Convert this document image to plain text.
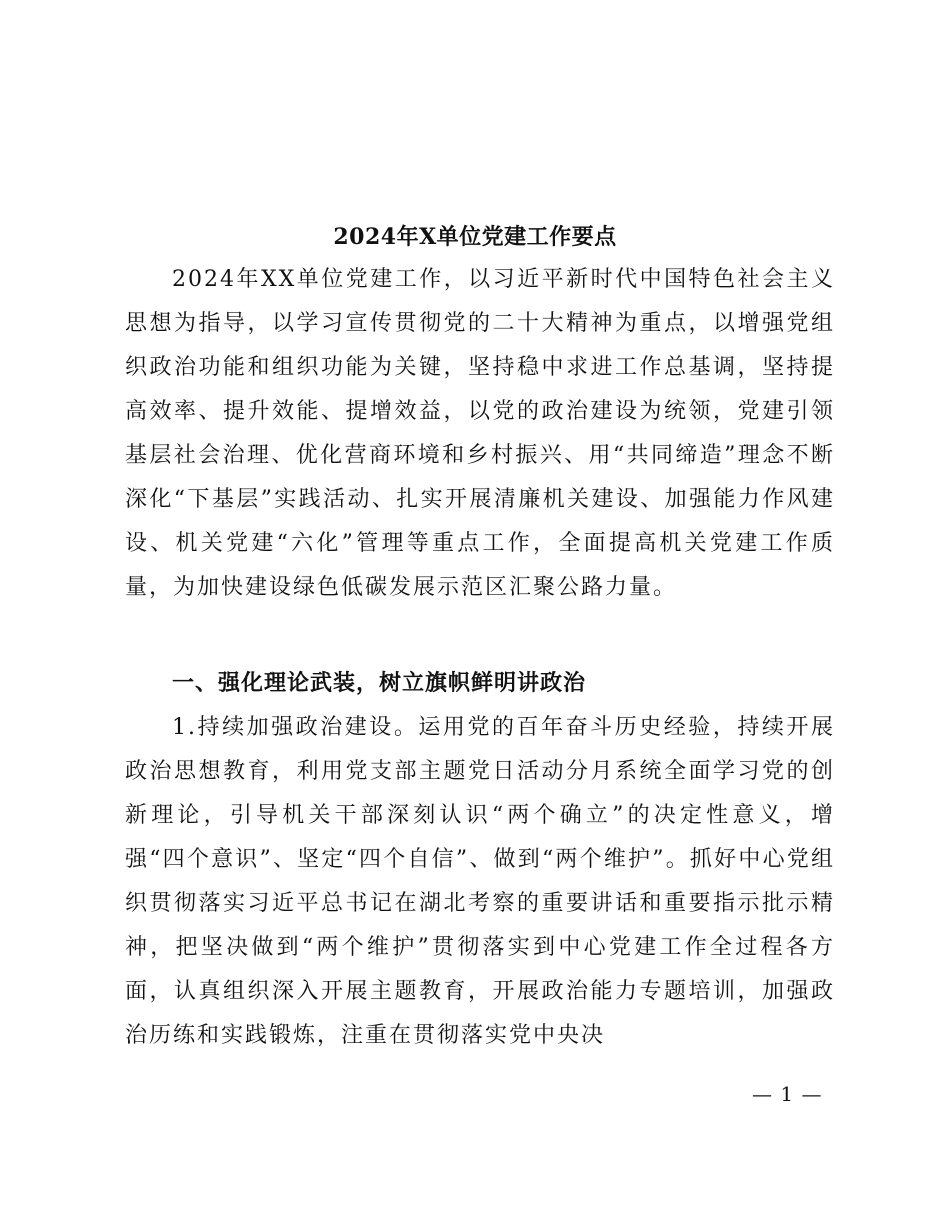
2024年X单位党建工作要点

2024年XX单位党建工作，以习近平新时代中国特色社会主义思想为指导，以学习宣传贯彻党的二十大精神为重点，以增强党组织政治功能和组织功能为关键，坚持稳中求进工作总基调，坚持提高效率、提升效能、提增效益，以党的政治建设为统领，党建引领基层社会治理、优化营商环境和乡村振兴、用“共同缔造”理念不断深化“下基层”实践活动、扎实开展清廉机关建设、加强能力作风建设、机关党建“六化”管理等重点工作，全面提高机关党建工作质量，为加快建设绿色低碳发展示范区汇聚公路力量。

一、强化理论武装，树立旗帜鲜明讲政治

1.持续加强政治建设。运用党的百年奋斗历史经验，持续开展政治思想教育，利用党支部主题党日活动分月系统全面学习党的创新理论，引导机关干部深刻认识“两个确立”的决定性意义，增强“四个意识”、坚定“四个自信”、做到“两个维护”。抓好中心党组织贯彻落实习近平总书记在湖北考察的重要讲话和重要指示批示精神，把坚决做到“两个维护”贯彻落实到中心党建工作全过程各方面，认真组织深入开展主题教育，开展政治能力专题培训，加强政治历练和实践锻炼，注重在贯彻落实党中央决

— 1 —
